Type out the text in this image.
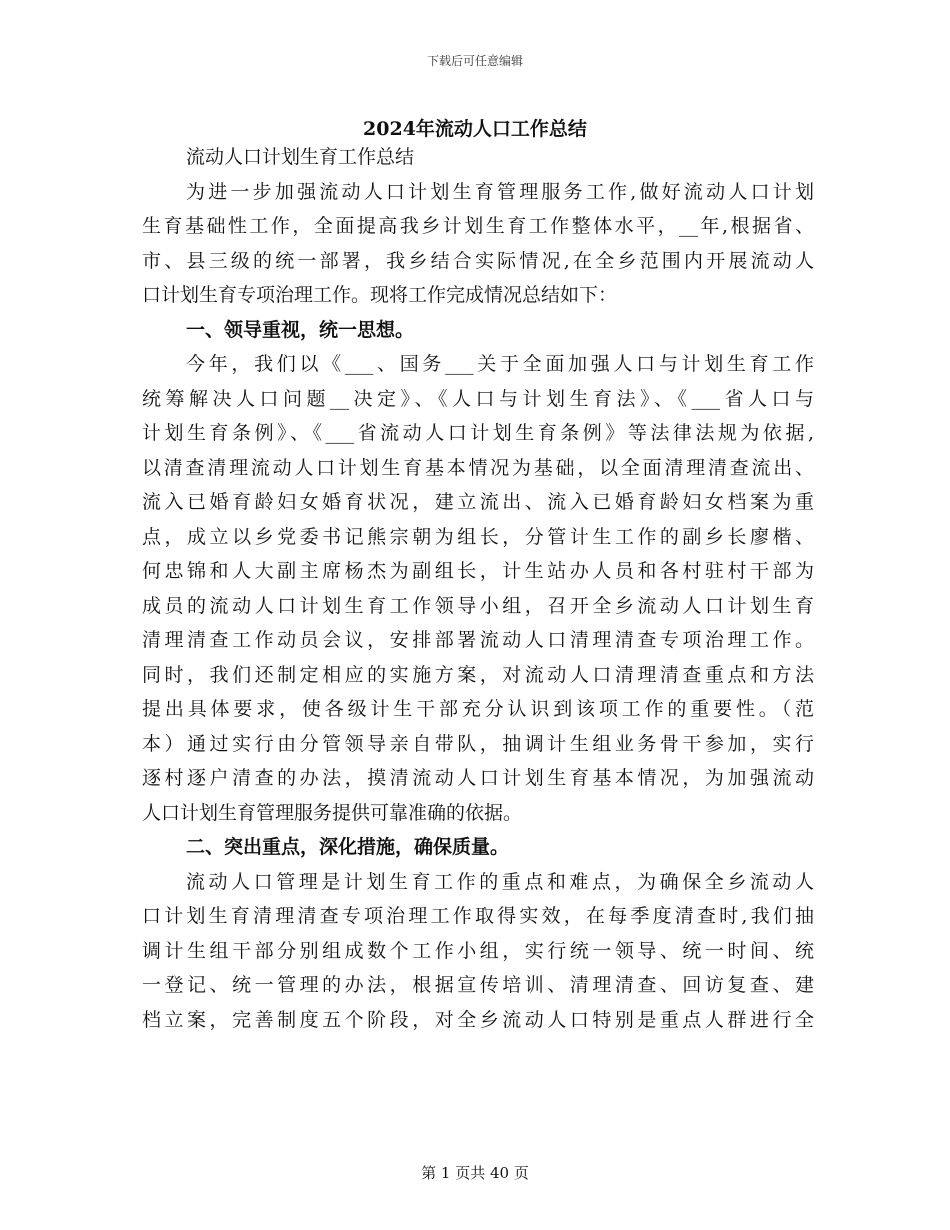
下载后可任意编辑
2024年流动人口工作总结
流动人口计划生育工作总结
为进一步加强流动人口计划生育管理服务工作,做好流动人口计划
生育基础性工作，全面提高我乡计划生育工作整体水平，__年,根据省、
市、县三级的统一部署，我乡结合实际情况,在全乡范围内开展流动人
口计划生育专项治理工作。现将工作完成情况总结如下：
一、领导重视，统一思想。
今年，我们以《___、国务___关于全面加强人口与计划生育工作
统筹解决人口问题__决定》、《人口与计划生育法》、《___省人口与
计划生育条例》、《___省流动人口计划生育条例》等法律法规为依据,
以清查清理流动人口计划生育基本情况为基础，以全面清理清查流出、
流入已婚育龄妇女婚育状况，建立流出、流入已婚育龄妇女档案为重
点，成立以乡党委书记熊宗朝为组长，分管计生工作的副乡长廖楷、
何忠锦和人大副主席杨杰为副组长，计生站办人员和各村驻村干部为
成员的流动人口计划生育工作领导小组，召开全乡流动人口计划生育
清理清查工作动员会议，安排部署流动人口清理清查专项治理工作。
同时，我们还制定相应的实施方案，对流动人口清理清查重点和方法
提出具体要求，使各级计生干部充分认识到该项工作的重要性。（范
本）通过实行由分管领导亲自带队，抽调计生组业务骨干参加，实行
逐村逐户清查的办法，摸清流动人口计划生育基本情况，为加强流动
人口计划生育管理服务提供可靠准确的依据。
二、突出重点，深化措施，确保质量。
流动人口管理是计划生育工作的重点和难点，为确保全乡流动人
口计划生育清理清查专项治理工作取得实效，在每季度清查时,我们抽
调计生组干部分别组成数个工作小组，实行统一领导、统一时间、统
一登记、统一管理的办法，根据宣传培训、清理清查、回访复查、建
档立案，完善制度五个阶段，对全乡流动人口特别是重点人群进行全
第 1 页共 40 页
